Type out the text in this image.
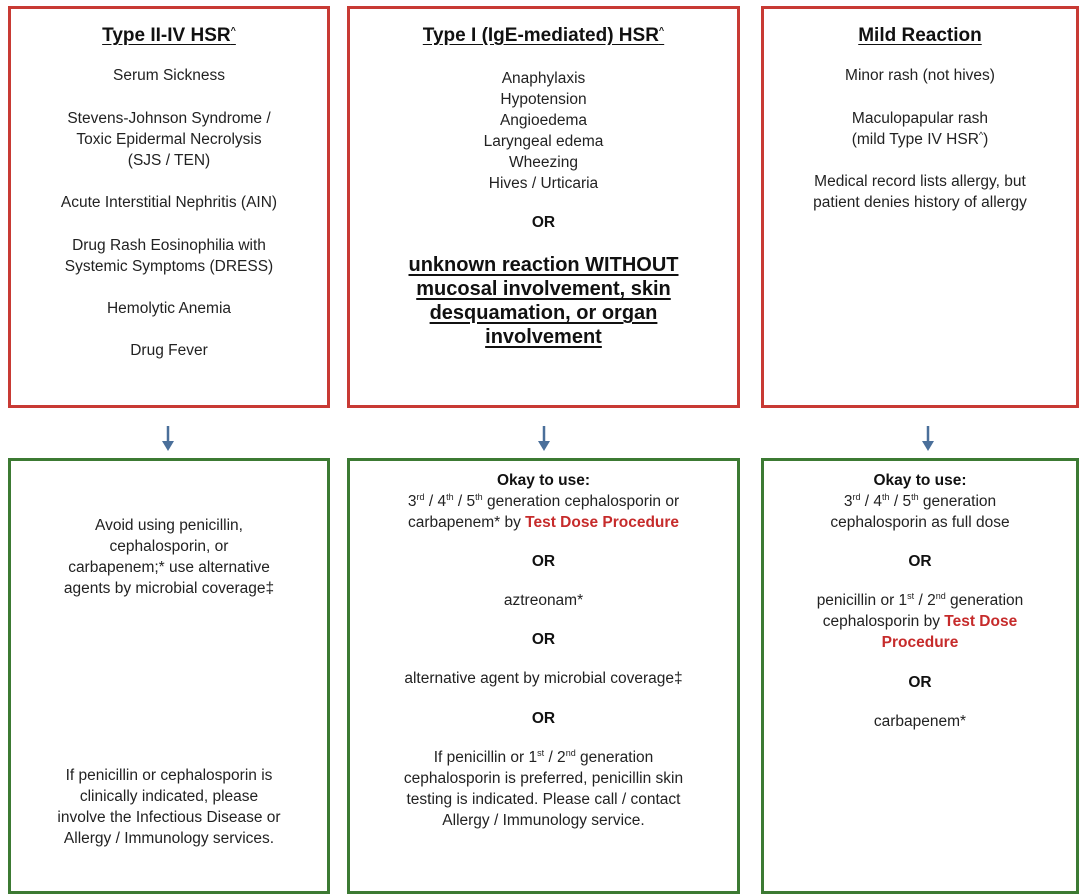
Type II-IV HSR^

Serum Sickness

Stevens-Johnson Syndrome /

Toxic Epidermal Necrolysis

(SJS / TEN)

Acute Interstitial Nephritis (AIN)

Drug Rash Eosinophilia with

Systemic Symptoms (DRESS)

Hemolytic Anemia

Drug Fever

Type I (IgE-mediated) HSR^

Anaphylaxis

Hypotension

Angioedema

Laryngeal edema

Wheezing

Hives / Urticaria

OR

unknown reaction WITHOUT
mucosal involvement, skin
desquamation, or organ
involvement

Mild Reaction

Minor rash (not hives)

Maculopapular rash

(mild Type IV HSR^)

Medical record lists allergy, but

patient denies history of allergy

Avoid using penicillin,

cephalosporin, or

carbapenem;* use alternative

agents by microbial coverage‡

If penicillin or cephalosporin is

clinically indicated, please

involve the Infectious Disease or

Allergy / Immunology services.

Okay to use:

3rd / 4th / 5th generation cephalosporin or

carbapenem* by Test Dose Procedure

OR

aztreonam*

OR

alternative agent by microbial coverage‡

OR

If penicillin or 1st / 2nd generation

cephalosporin is preferred, penicillin skin

testing is indicated. Please call / contact

Allergy / Immunology service.

Okay to use:

3rd / 4th / 5th generation

cephalosporin as full dose

OR

penicillin or 1st / 2nd generation

cephalosporin by Test Dose

Procedure

OR

carbapenem*
